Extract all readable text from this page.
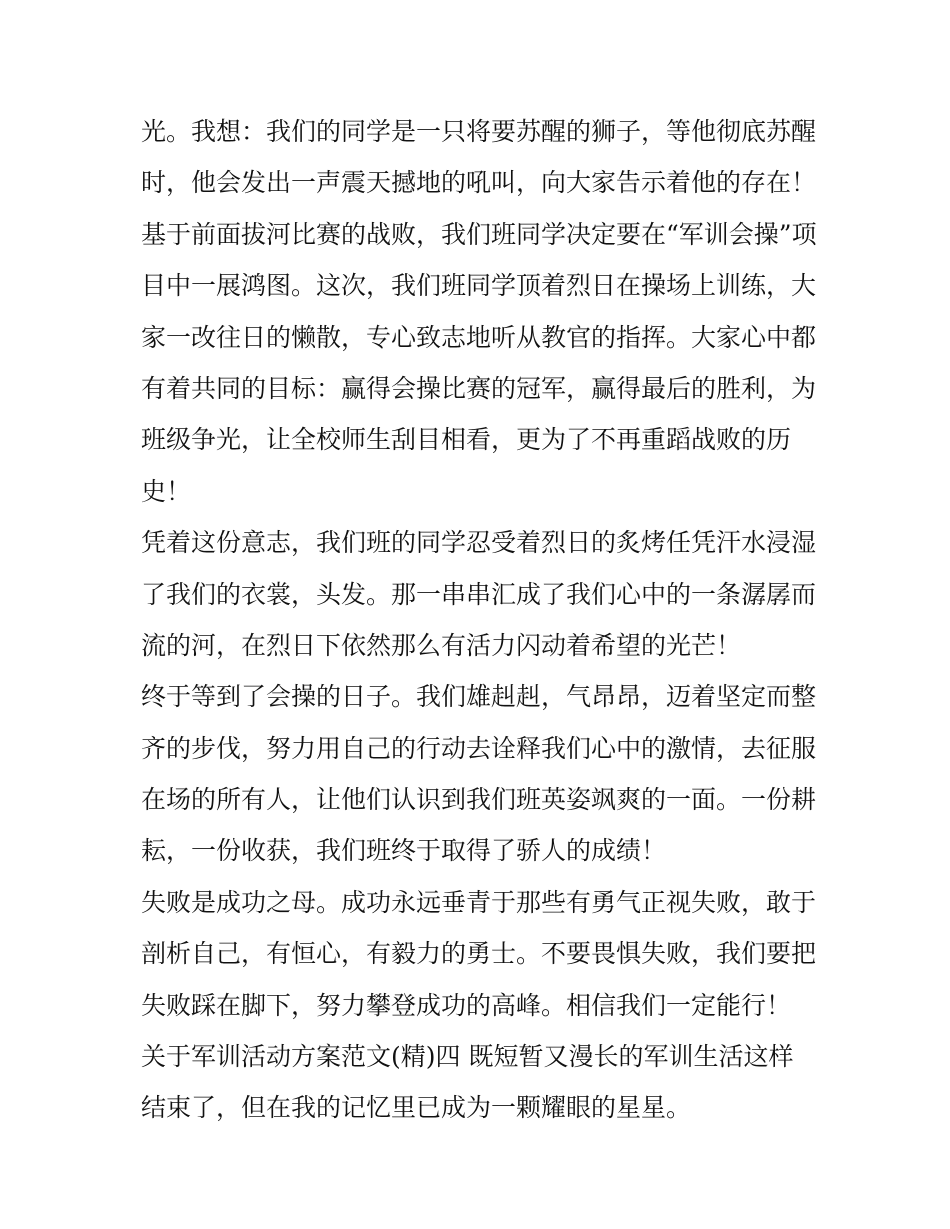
光。我想：我们的同学是一只将要苏醒的狮子，等他彻底苏醒
时，他会发出一声震天撼地的吼叫，向大家告示着他的存在！
基于前面拔河比赛的战败，我们班同学决定要在“军训会操”项
目中一展鸿图。这次，我们班同学顶着烈日在操场上训练，大
家一改往日的懒散，专心致志地听从教官的指挥。大家心中都
有着共同的目标：赢得会操比赛的冠军，赢得最后的胜利，为
班级争光，让全校师生刮目相看，更为了不再重蹈战败的历
史！
凭着这份意志，我们班的同学忍受着烈日的炙烤任凭汗水浸湿
了我们的衣裳，头发。那一串串汇成了我们心中的一条潺孱而
流的河，在烈日下依然那么有活力闪动着希望的光芒！
终于等到了会操的日子。我们雄赳赳，气昂昂，迈着坚定而整
齐的步伐，努力用自己的行动去诠释我们心中的激情，去征服
在场的所有人，让他们认识到我们班英姿飒爽的一面。一份耕
耘，一份收获，我们班终于取得了骄人的成绩！
失败是成功之母。成功永远垂青于那些有勇气正视失败，敢于
剖析自己，有恒心，有毅力的勇士。不要畏惧失败，我们要把
失败踩在脚下，努力攀登成功的高峰。相信我们一定能行！
关于军训活动方案范文(精)四 既短暂又漫长的军训生活这样
结束了，但在我的记忆里已成为一颗耀眼的星星。
